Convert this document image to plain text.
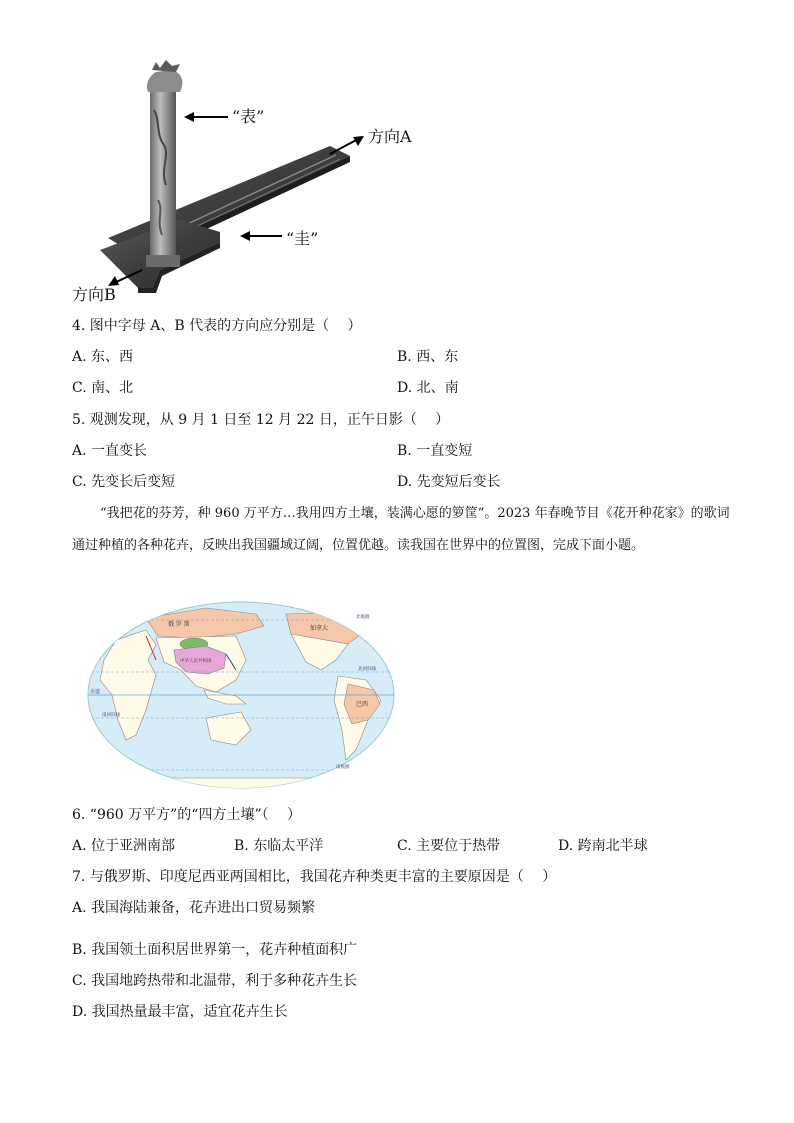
“表”
“圭”
方向A
方向B
4. 图中字母 A、B 代表的方向应分别是（　 ）
A. 东、西	B. 西、东
C. 南、北	D. 北、南
5. 观测发现，从 9 月 1 日至 12 月 22 日，正午日影（　 ）
A. 一直变长	B. 一直变短
C. 先变长后变短	D. 先变短后变长
“我把花的芬芳，种 960 万平方…我用四方土壤，装满心愿的箩筐”。2023 年春晚节目《花开种花家》的歌词通过种植的各种花卉，反映出我国疆域辽阔，位置优越。读我国在世界中的位置图，完成下面小题。
俄 罗 斯
加拿大
中华人民共和国
巴西
赤道
北回归线
南回归线
北极圈
南极圈
6. “960 万平方”的“四方土壤”（　 ）
A. 位于亚洲南部	B. 东临太平洋	C. 主要位于热带	D. 跨南北半球
7. 与俄罗斯、印度尼西亚两国相比，我国花卉种类更丰富的主要原因是（　 ）
A. 我国海陆兼备，花卉进出口贸易频繁
B. 我国领土面积居世界第一，花卉种植面积广
C. 我国地跨热带和北温带，利于多种花卉生长
D. 我国热量最丰富，适宜花卉生长
